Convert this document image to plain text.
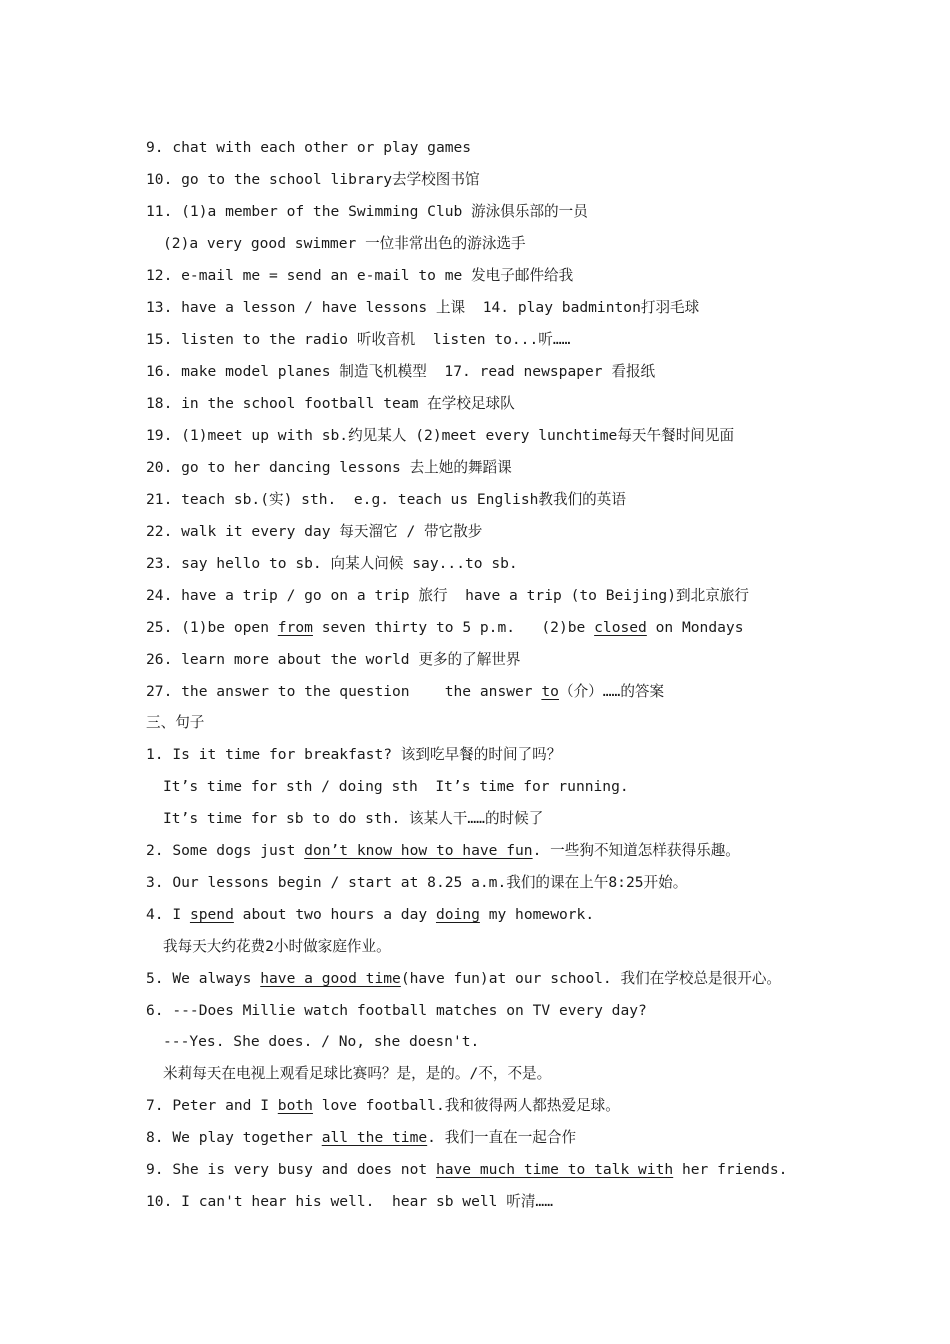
9. chat with each other or play games
10. go to the school library去学校图书馆
11. (1)a member of the Swimming Club 游泳俱乐部的一员
(2)a very good swimmer 一位非常出色的游泳选手
12. e-mail me = send an e-mail to me 发电子邮件给我
13. have a lesson / have lessons 上课  14. play badminton打羽毛球
15. listen to the radio 听收音机  listen to...听……
16. make model planes 制造飞机模型  17. read newspaper 看报纸
18. in the school football team 在学校足球队
19. (1)meet up with sb.约见某人 (2)meet every lunchtime每天午餐时间见面
20. go to her dancing lessons 去上她的舞蹈课
21. teach sb.(实) sth.  e.g. teach us English教我们的英语
22. walk it every day 每天溜它 / 带它散步
23. say hello to sb. 向某人问候 say...to sb.
24. have a trip / go on a trip 旅行  have a trip (to Beijing)到北京旅行
25. (1)be open from seven thirty to 5 p.m.   (2)be closed on Mondays
26. learn more about the world 更多的了解世界
27. the answer to the question    the answer to（介）……的答案
三、句子
1. Is it time for breakfast? 该到吃早餐的时间了吗？
It’s time for sth / doing sth  It’s time for running.
It’s time for sb to do sth. 该某人干……的时候了
2. Some dogs just don’t know how to have fun. 一些狗不知道怎样获得乐趣。
3. Our lessons begin / start at 8.25 a.m.我们的课在上午8:25开始。
4. I spend about two hours a day doing my homework.
我每天大约花费2小时做家庭作业。
5. We always have a good time(have fun)at our school. 我们在学校总是很开心。
6. ---Does Millie watch football matches on TV every day?
---Yes. She does. / No, she doesn't.
米莉每天在电视上观看足球比赛吗？是，是的。/不，不是。
7. Peter and I both love football.我和彼得两人都热爱足球。
8. We play together all the time. 我们一直在一起合作
9. She is very busy and does not have much time to talk with her friends.
10. I can't hear his well.  hear sb well 听清……
